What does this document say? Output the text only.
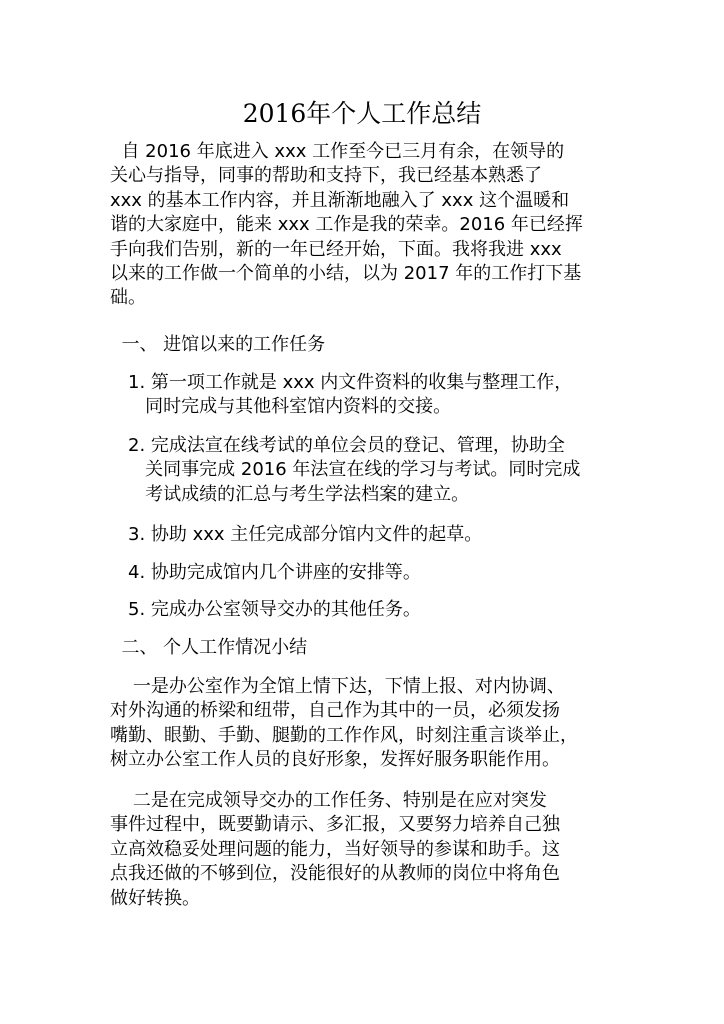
2016年个人工作总结
自 2016 年底进入 xxx 工作至今已三月有余，在领导的
关心与指导，同事的帮助和支持下，我已经基本熟悉了
xxx 的基本工作内容，并且渐渐地融入了 xxx 这个温暖和
谐的大家庭中，能来 xxx 工作是我的荣幸。2016 年已经挥
手向我们告别，新的一年已经开始，下面。我将我进 xxx
以来的工作做一个简单的小结，以为 2017 年的工作打下基
础。
一、 进馆以来的工作任务
1. 第一项工作就是 xxx 内文件资料的收集与整理工作，
同时完成与其他科室馆内资料的交接。
2. 完成法宣在线考试的单位会员的登记、管理，协助全
关同事完成 2016 年法宣在线的学习与考试。同时完成
考试成绩的汇总与考生学法档案的建立。
3. 协助 xxx 主任完成部分馆内文件的起草。
4. 协助完成馆内几个讲座的安排等。
5. 完成办公室领导交办的其他任务。
二、 个人工作情况小结
一是办公室作为全馆上情下达，下情上报、对内协调、
对外沟通的桥梁和纽带，自己作为其中的一员，必须发扬
嘴勤、眼勤、手勤、腿勤的工作作风，时刻注重言谈举止，
树立办公室工作人员的良好形象，发挥好服务职能作用。
二是在完成领导交办的工作任务、特别是在应对突发
事件过程中，既要勤请示、多汇报，又要努力培养自己独
立高效稳妥处理问题的能力，当好领导的参谋和助手。这
点我还做的不够到位，没能很好的从教师的岗位中将角色
做好转换。
